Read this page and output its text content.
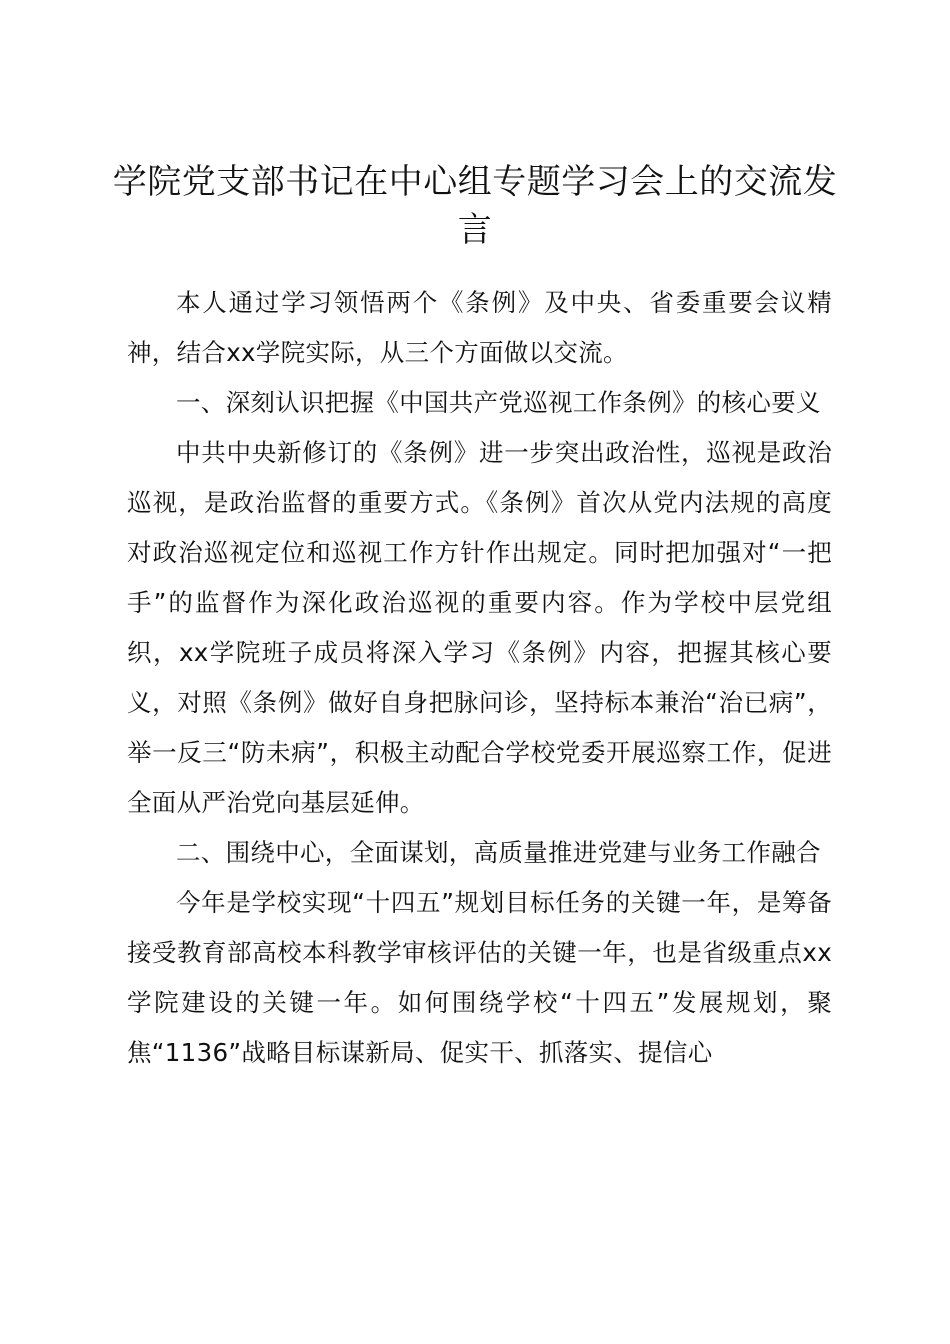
学院党支部书记在中心组专题学习会上的交流发言

本人通过学习领悟两个《条例》及中央、省委重要会议精神，结合xx学院实际，从三个方面做以交流。

一、深刻认识把握《中国共产党巡视工作条例》的核心要义

中共中央新修订的《条例》进一步突出政治性，巡视是政治巡视，是政治监督的重要方式。《条例》首次从党内法规的高度对政治巡视定位和巡视工作方针作出规定。同时把加强对“一把手”的监督作为深化政治巡视的重要内容。作为学校中层党组织，xx学院班子成员将深入学习《条例》内容，把握其核心要义，对照《条例》做好自身把脉问诊，坚持标本兼治“治已病”，举一反三“防未病”，积极主动配合学校党委开展巡察工作，促进全面从严治党向基层延伸。

二、围绕中心，全面谋划，高质量推进党建与业务工作融合

今年是学校实现“十四五”规划目标任务的关键一年，是筹备接受教育部高校本科教学审核评估的关键一年，也是省级重点xx学院建设的关键一年。如何围绕学校“十四五”发展规划，聚焦“1136”战略目标谋新局、促实干、抓落实、提信心
